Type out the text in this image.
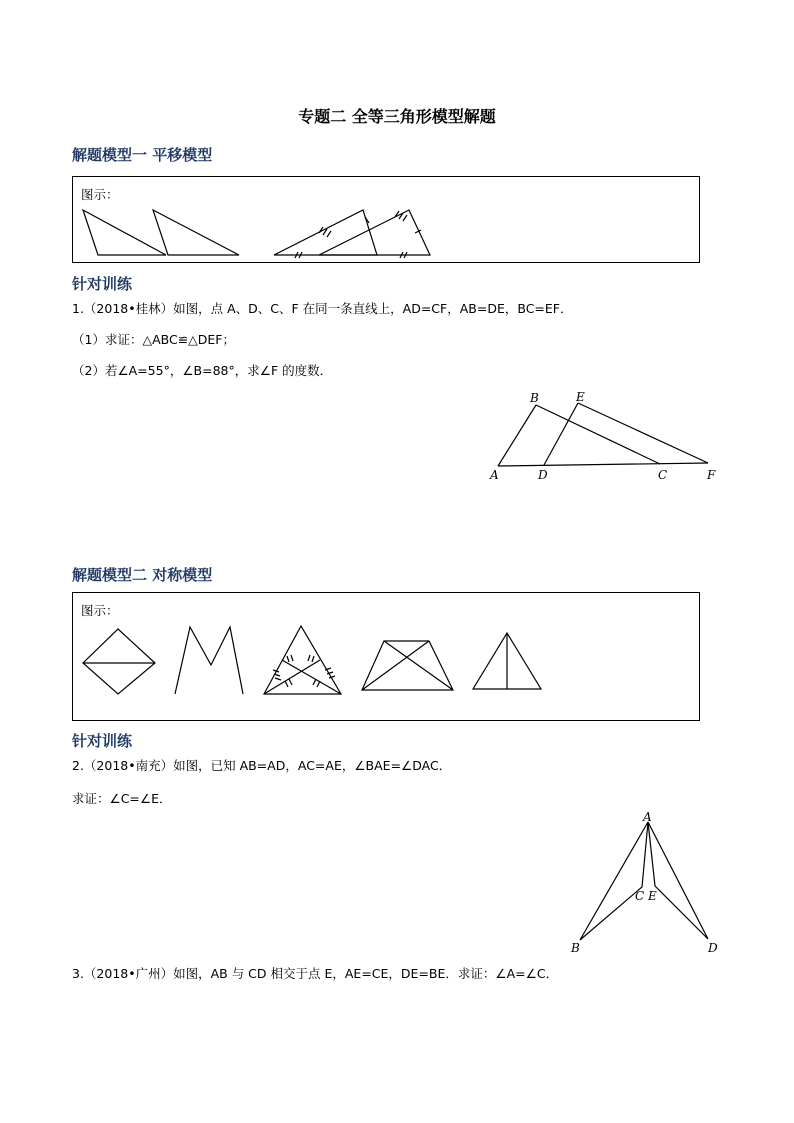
专题二 全等三角形模型解题
解题模型一 平移模型
图示：
针对训练
1.（2018•桂林）如图，点 A、D、C、F 在同一条直线上，AD=CF，AB=DE，BC=EF．
（1）求证：△ABC≌△DEF；
（2）若∠A=55°，∠B=88°，求∠F 的度数．
B	E
A	D	C	F
解题模型二 对称模型
图示：
针对训练
2.（2018•南充）如图，已知 AB=AD，AC=AE，∠BAE=∠DAC．
求证：∠C=∠E．
A
B
C E
D
3.（2018•广州）如图，AB 与 CD 相交于点 E，AE=CE，DE=BE．求证：∠A=∠C．
